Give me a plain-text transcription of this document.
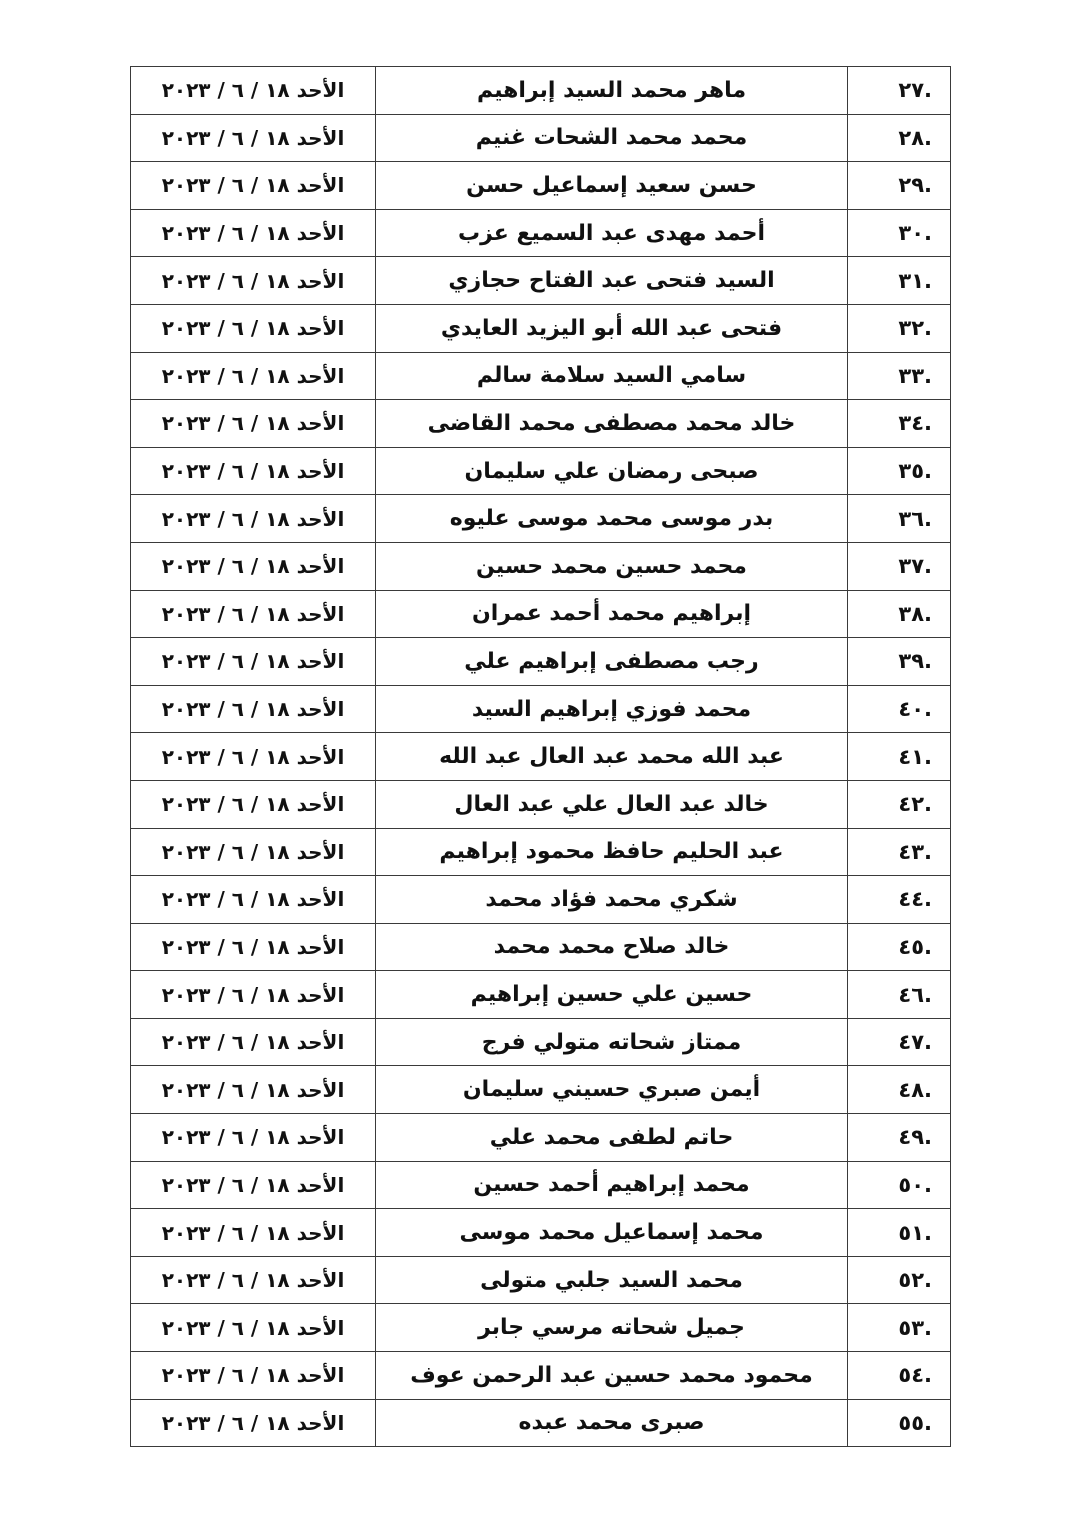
.٢٧	ماهر محمد السيد إبراهيم	الأحد ١٨ / ٦ / ٢٠٢٣
.٢٨	محمد محمد الشحات غنيم	الأحد ١٨ / ٦ / ٢٠٢٣
.٢٩	حسن سعيد إسماعيل حسن	الأحد ١٨ / ٦ / ٢٠٢٣
.٣٠	أحمد مهدى عبد السميع عزب	الأحد ١٨ / ٦ / ٢٠٢٣
.٣١	السيد فتحى عبد الفتاح حجازي	الأحد ١٨ / ٦ / ٢٠٢٣
.٣٢	فتحى عبد الله أبو اليزيد العايدي	الأحد ١٨ / ٦ / ٢٠٢٣
.٣٣	سامي السيد سلامة سالم	الأحد ١٨ / ٦ / ٢٠٢٣
.٣٤	خالد محمد مصطفى محمد القاضى	الأحد ١٨ / ٦ / ٢٠٢٣
.٣٥	صبحى رمضان علي سليمان	الأحد ١٨ / ٦ / ٢٠٢٣
.٣٦	بدر موسى محمد موسى عليوه	الأحد ١٨ / ٦ / ٢٠٢٣
.٣٧	محمد حسين محمد حسين	الأحد ١٨ / ٦ / ٢٠٢٣
.٣٨	إبراهيم محمد أحمد عمران	الأحد ١٨ / ٦ / ٢٠٢٣
.٣٩	رجب مصطفى إبراهيم علي	الأحد ١٨ / ٦ / ٢٠٢٣
.٤٠	محمد فوزي إبراهيم السيد	الأحد ١٨ / ٦ / ٢٠٢٣
.٤١	عبد الله محمد عبد العال عبد الله	الأحد ١٨ / ٦ / ٢٠٢٣
.٤٢	خالد عبد العال علي عبد العال	الأحد ١٨ / ٦ / ٢٠٢٣
.٤٣	عبد الحليم حافظ محمود إبراهيم	الأحد ١٨ / ٦ / ٢٠٢٣
.٤٤	شكري محمد فؤاد محمد	الأحد ١٨ / ٦ / ٢٠٢٣
.٤٥	خالد صلاح محمد محمد	الأحد ١٨ / ٦ / ٢٠٢٣
.٤٦	حسين علي حسين إبراهيم	الأحد ١٨ / ٦ / ٢٠٢٣
.٤٧	ممتاز شحاته متولي فرج	الأحد ١٨ / ٦ / ٢٠٢٣
.٤٨	أيمن صبري حسيني سليمان	الأحد ١٨ / ٦ / ٢٠٢٣
.٤٩	حاتم لطفى محمد علي	الأحد ١٨ / ٦ / ٢٠٢٣
.٥٠	محمد إبراهيم أحمد حسين	الأحد ١٨ / ٦ / ٢٠٢٣
.٥١	محمد إسماعيل محمد موسى	الأحد ١٨ / ٦ / ٢٠٢٣
.٥٢	محمد السيد جلبي متولى	الأحد ١٨ / ٦ / ٢٠٢٣
.٥٣	جميل شحاته مرسي جابر	الأحد ١٨ / ٦ / ٢٠٢٣
.٥٤	محمود محمد حسين عبد الرحمن عوف	الأحد ١٨ / ٦ / ٢٠٢٣
.٥٥	صبرى محمد عبده	الأحد ١٨ / ٦ / ٢٠٢٣
